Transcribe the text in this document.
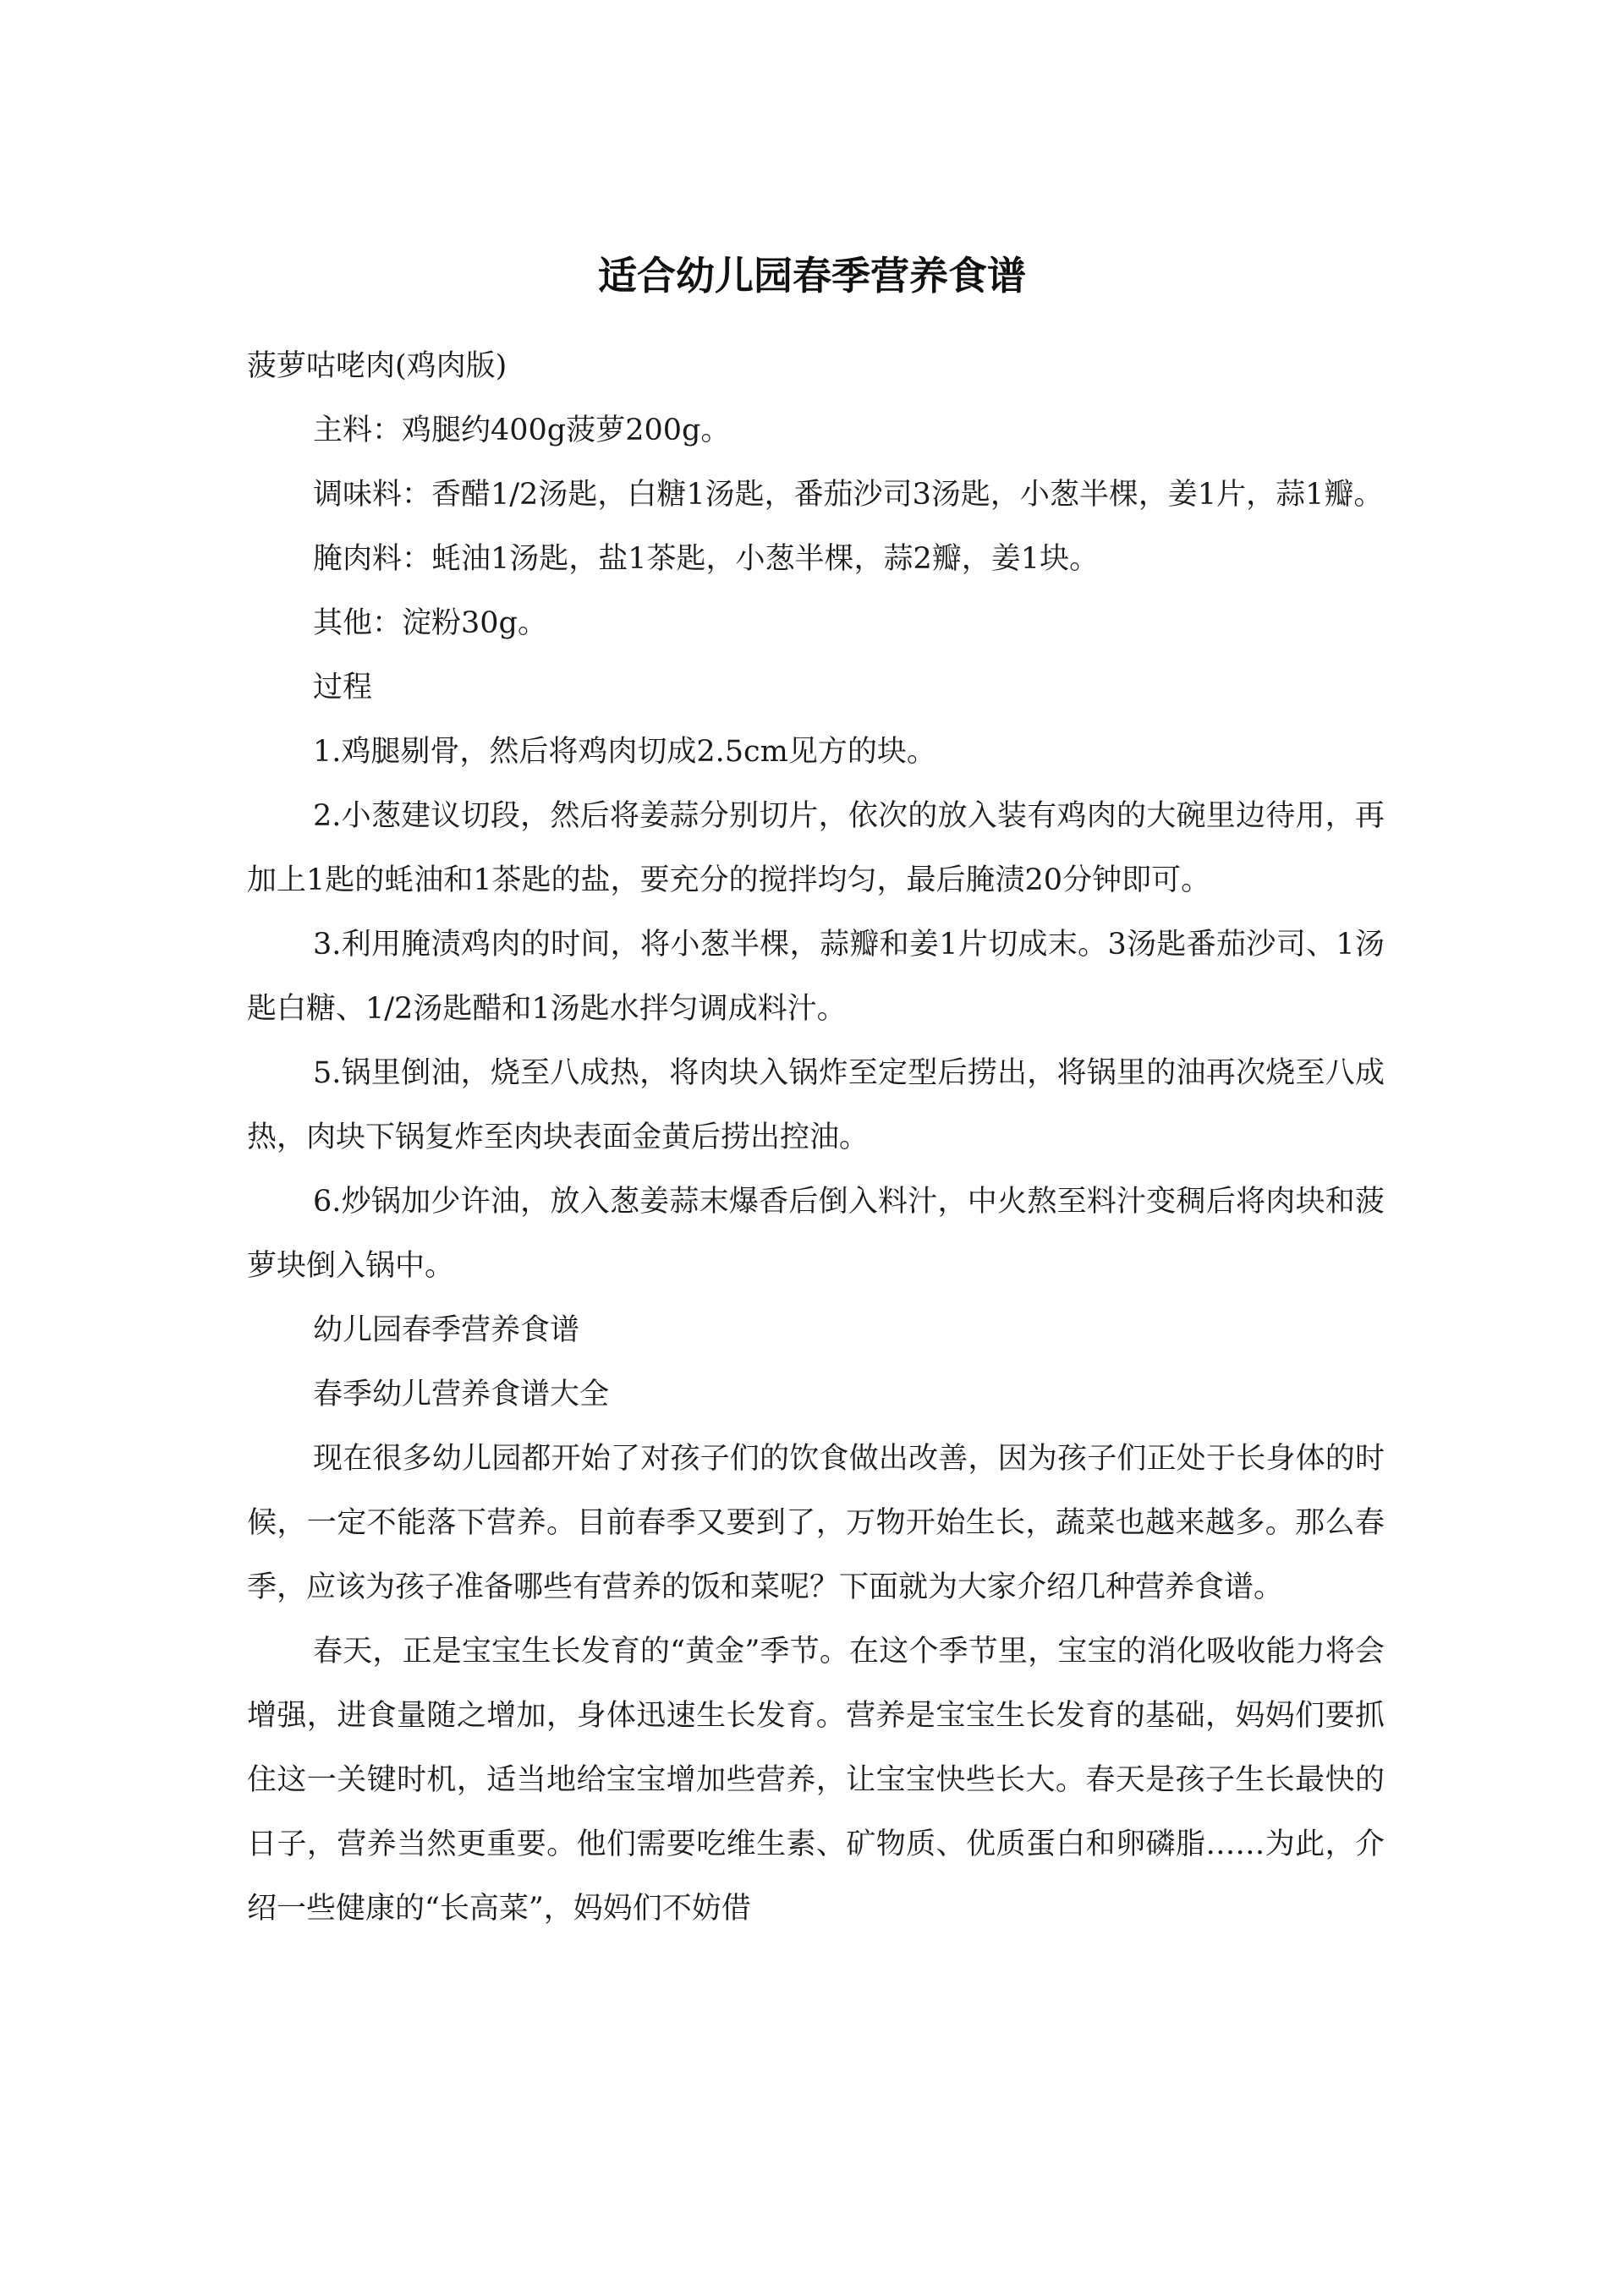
适合幼儿园春季营养食谱

菠萝咕咾肉(鸡肉版)

主料：鸡腿约400g菠萝200g。

调味料：香醋1/2汤匙，白糖1汤匙，番茄沙司3汤匙，小葱半棵，姜1片，蒜1瓣。

腌肉料：蚝油1汤匙，盐1茶匙，小葱半棵，蒜2瓣，姜1块。

其他：淀粉30g。

过程

1.鸡腿剔骨，然后将鸡肉切成2.5cm见方的块。

2.小葱建议切段，然后将姜蒜分别切片，依次的放入装有鸡肉的大碗里边待用，再加上1匙的蚝油和1茶匙的盐，要充分的搅拌均匀，最后腌渍20分钟即可。

3.利用腌渍鸡肉的时间，将小葱半棵，蒜瓣和姜1片切成末。3汤匙番茄沙司、1汤匙白糖、1/2汤匙醋和1汤匙水拌匀调成料汁。

5.锅里倒油，烧至八成热，将肉块入锅炸至定型后捞出，将锅里的油再次烧至八成热，肉块下锅复炸至肉块表面金黄后捞出控油。

6.炒锅加少许油，放入葱姜蒜末爆香后倒入料汁，中火熬至料汁变稠后将肉块和菠萝块倒入锅中。

幼儿园春季营养食谱

春季幼儿营养食谱大全

现在很多幼儿园都开始了对孩子们的饮食做出改善，因为孩子们正处于长身体的时候，一定不能落下营养。目前春季又要到了，万物开始生长，蔬菜也越来越多。那么春季，应该为孩子准备哪些有营养的饭和菜呢？下面就为大家介绍几种营养食谱。

春天，正是宝宝生长发育的“黄金”季节。在这个季节里，宝宝的消化吸收能力将会增强，进食量随之增加，身体迅速生长发育。营养是宝宝生长发育的基础，妈妈们要抓住这一关键时机，适当地给宝宝增加些营养，让宝宝快些长大。春天是孩子生长最快的日子，营养当然更重要。他们需要吃维生素、矿物质、优质蛋白和卵磷脂……为此，介绍一些健康的“长高菜”，妈妈们不妨借
